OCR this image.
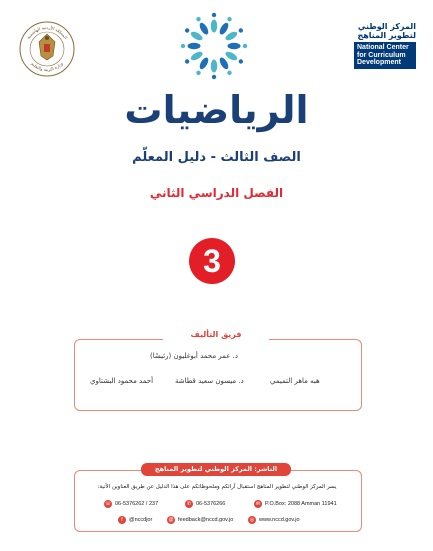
المملكة الأردنية الهاشمية
وزارة التربية والتعليم
المركز الوطني
لتطوير المناهج
National Center
for Curriculum
Development
الرياضيات
الصف الثالث - دليل المعلّم
الفصل الدراسي الثاني
3
فريق التأليف
د. عمر محمد أبوغليون (رئيسًا)
هبه ماهر التميمي
د. ميسون سعيد قطاشة
أحمد محمود البشتاوي
الناشر: المركز الوطني لتطوير المناهج
يسر المركز الوطني لتطوير المناهج استقبال آرائكم وملحوظاتكم على هذا الدليل عن طريق العناوين الآتية:
☏ 06-5376262 / 237	✆ 06-5376266	✉ P.O.Box: 2088 Amman 11941
f	@nccdjor	@ feedback@nccd.gov.jo	◎ www.nccd.gov.jo
